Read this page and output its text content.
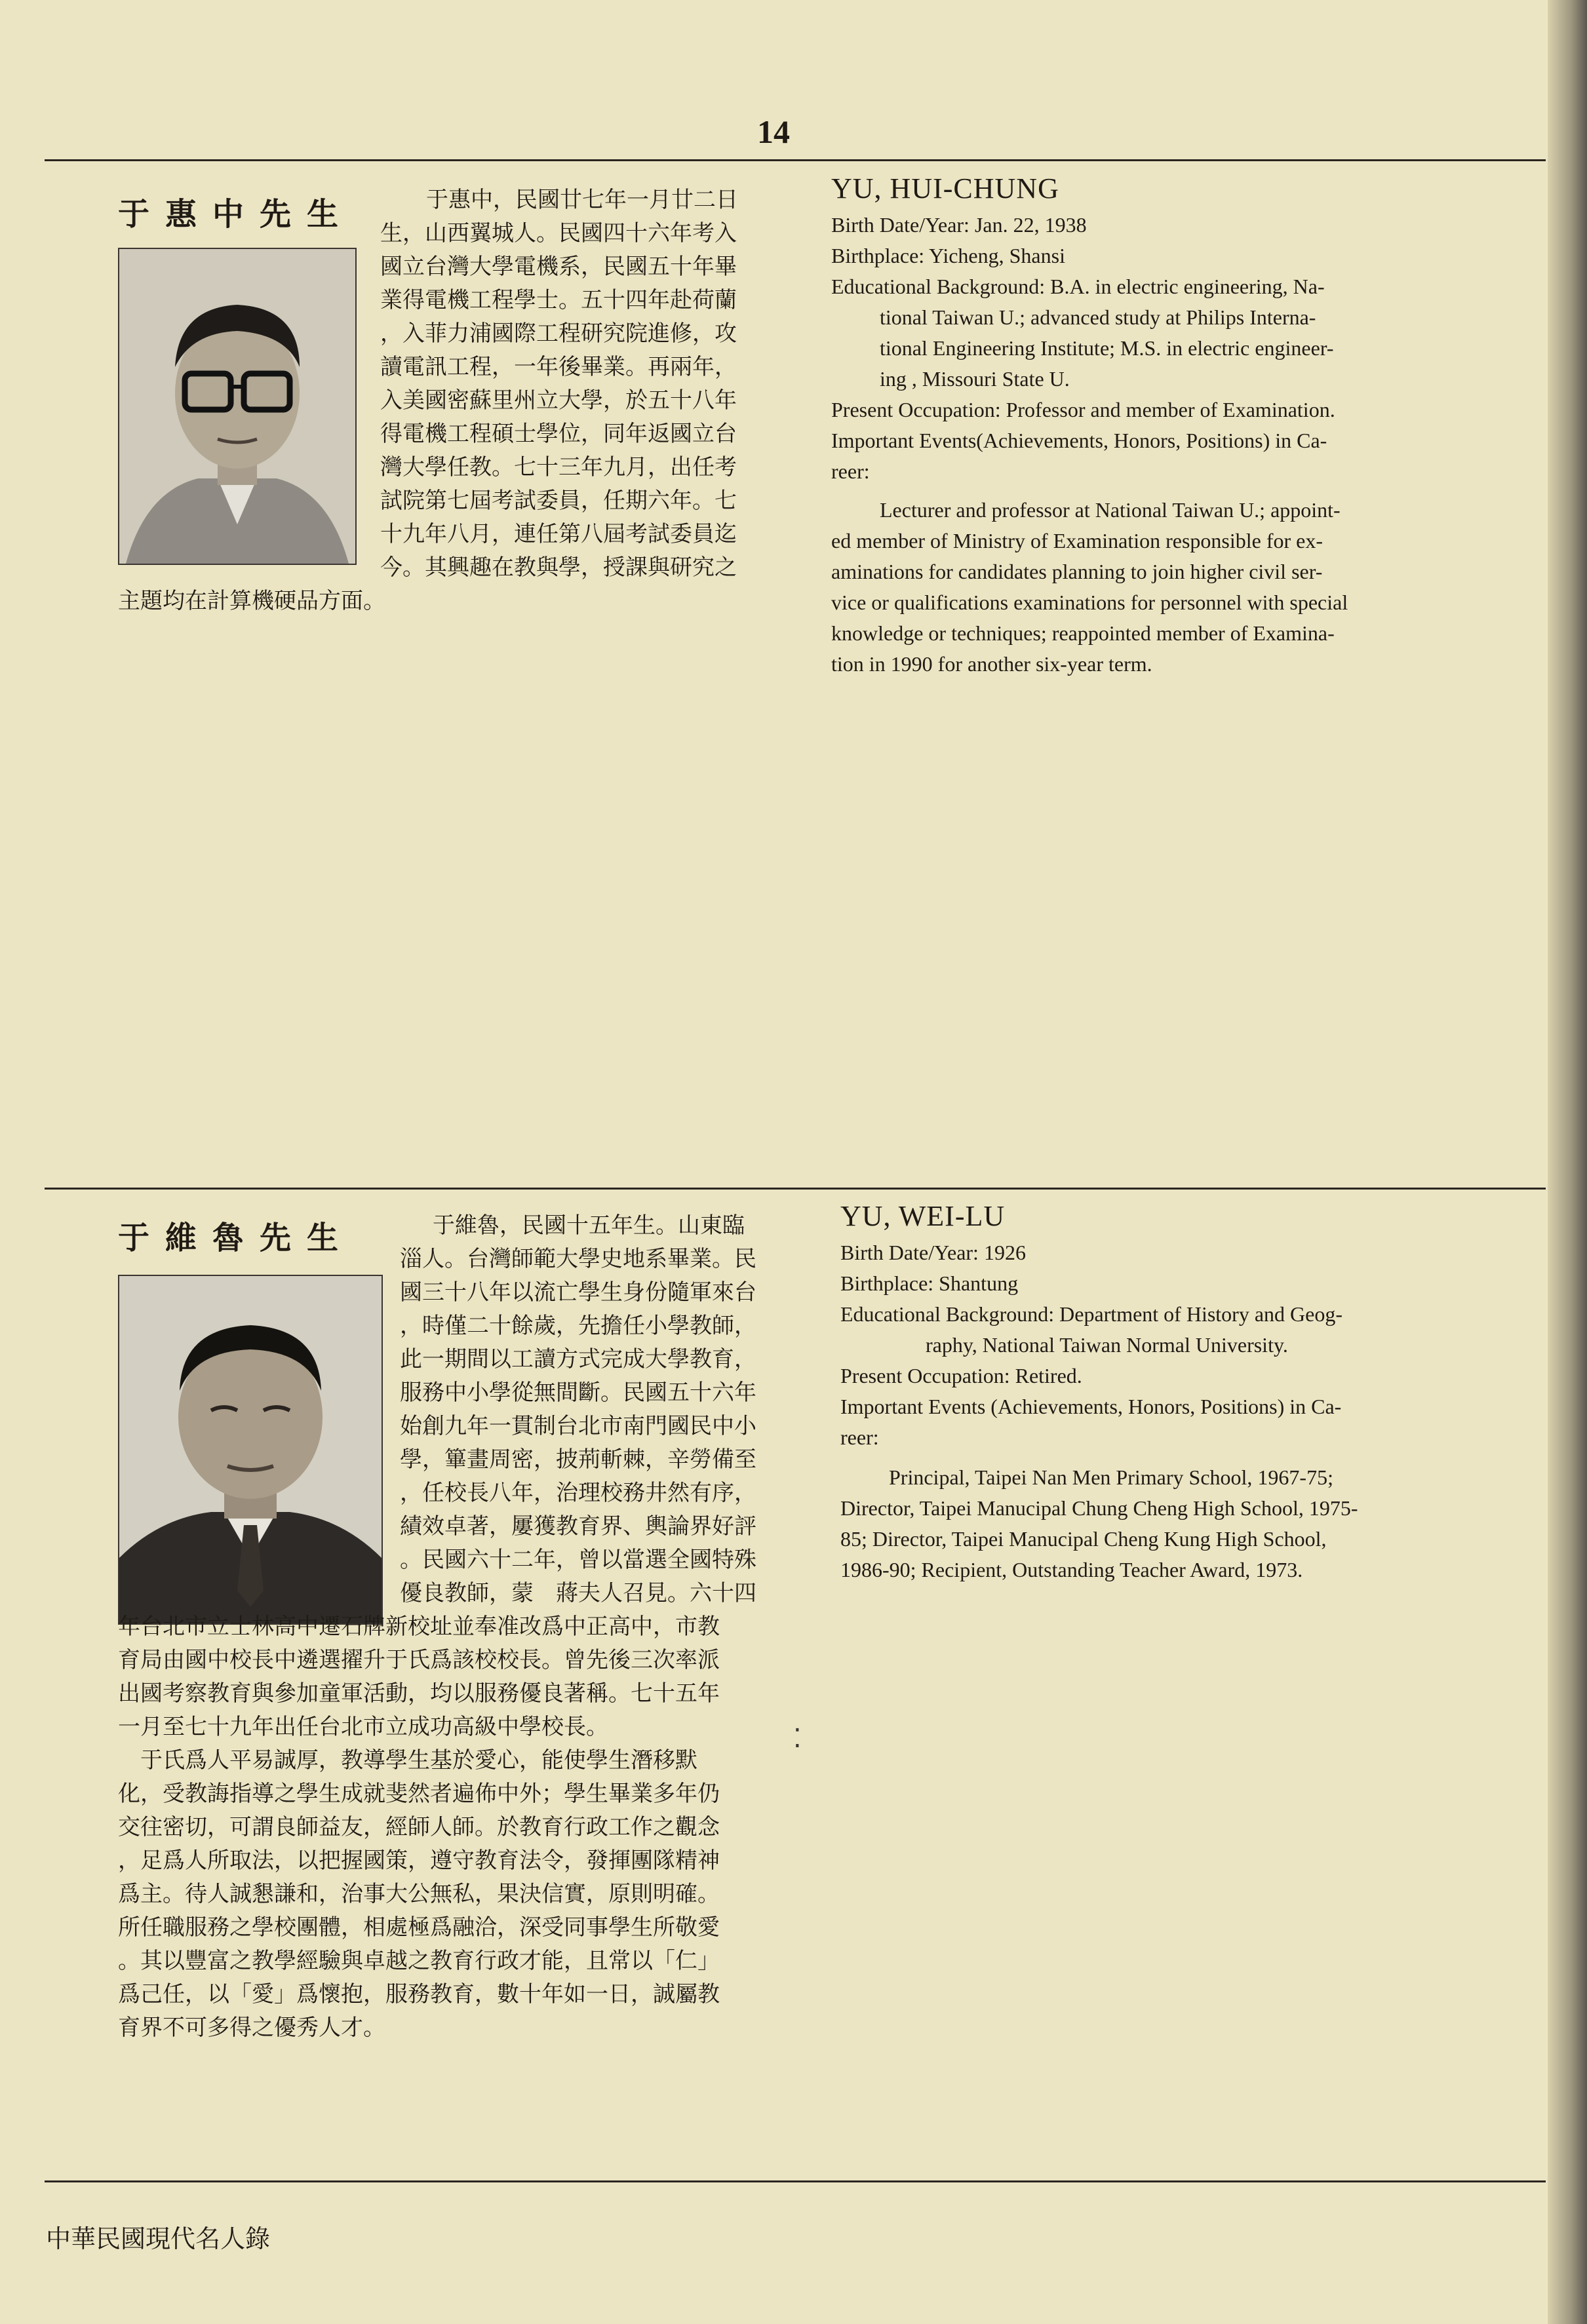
14
于惠中先生	于惠中，民國廿七年一月廿二日

生，山西翼城人。民國四十六年考入

國立台灣大學電機系，民國五十年畢

業得電機工程學士。五十四年赴荷蘭

，入菲力浦國際工程研究院進修，攻

讀電訊工程，一年後畢業。再兩年，

入美國密蘇里州立大學，於五十八年

得電機工程碩士學位，同年返國立台

灣大學任教。七十三年九月，出任考

試院第七屆考試委員，任期六年。七

十九年八月，連任第八屆考試委員迄

今。其興趣在教與學，授課與研究之

主題均在計算機硬品方面。

YU, HUI-CHUNG

Birth Date/Year: Jan. 22, 1938

Birthplace: Yicheng, Shansi

Educational Background: B.A. in electric engineering, Na-

tional Taiwan U.; advanced study at Philips Interna-

tional Engineering Institute; M.S. in electric engineer-

ing , Missouri State U.

Present Occupation: Professor and member of Examination.

Important Events(Achievements, Honors, Positions) in Ca-

reer:

Lecturer and professor at National Taiwan U.; appoint-

ed member of Ministry of Examination responsible for ex-

aminations for candidates planning to join higher civil ser-

vice or qualifications examinations for personnel with special

knowledge or techniques; reappointed member of Examina-

tion in 1990 for another six-year term.

于維魯先生	于維魯，民國十五年生。山東臨

淄人。台灣師範大學史地系畢業。民

國三十八年以流亡學生身份隨軍來台

，時僅二十餘歲，先擔任小學教師，

此一期間以工讀方式完成大學教育，

服務中小學從無間斷。民國五十六年

始創九年一貫制台北市南門國民中小

學，篳畫周密，披荊斬棘，辛勞備至

，任校長八年，治理校務井然有序，

績效卓著，屢獲教育界、輿論界好評

。民國六十二年，曾以當選全國特殊

優良教師，蒙　蔣夫人召見。六十四

年台北市立士林高中遷石牌新校址並奉准改爲中正高中，市教

育局由國中校長中遴選擢升于氏爲該校校長。曾先後三次率派

出國考察教育與參加童軍活動，均以服務優良著稱。七十五年

一月至七十九年出任台北市立成功高級中學校長。

　于氏爲人平易誠厚，教導學生基於愛心，能使學生潛移默

化，受教誨指導之學生成就斐然者遍佈中外；學生畢業多年仍

交往密切，可謂良師益友，經師人師。於教育行政工作之觀念

，足爲人所取法，以把握國策，遵守教育法令，發揮團隊精神

爲主。待人誠懇謙和，治事大公無私，果決信實，原則明確。

所任職服務之學校團體，相處極爲融洽，深受同事學生所敬愛

。其以豐富之教學經驗與卓越之教育行政才能，且常以「仁」

爲己任，以「愛」爲懷抱，服務教育，數十年如一日，誠屬教

育界不可多得之優秀人才。

YU, WEI-LU

Birth Date/Year: 1926

Birthplace: Shantung

Educational Background: Department of History and Geog-

raphy, National Taiwan Normal University.

Present Occupation: Retired.

Important Events (Achievements, Honors, Positions) in Ca-

reer:

Principal, Taipei Nan Men Primary School, 1967-75;

Director, Taipei Manucipal Chung Cheng High School, 1975-

85; Director, Taipei Manucipal Cheng Kung High School,

1986-90; Recipient, Outstanding Teacher Award, 1973.

⁚
中華民國現代名人錄
